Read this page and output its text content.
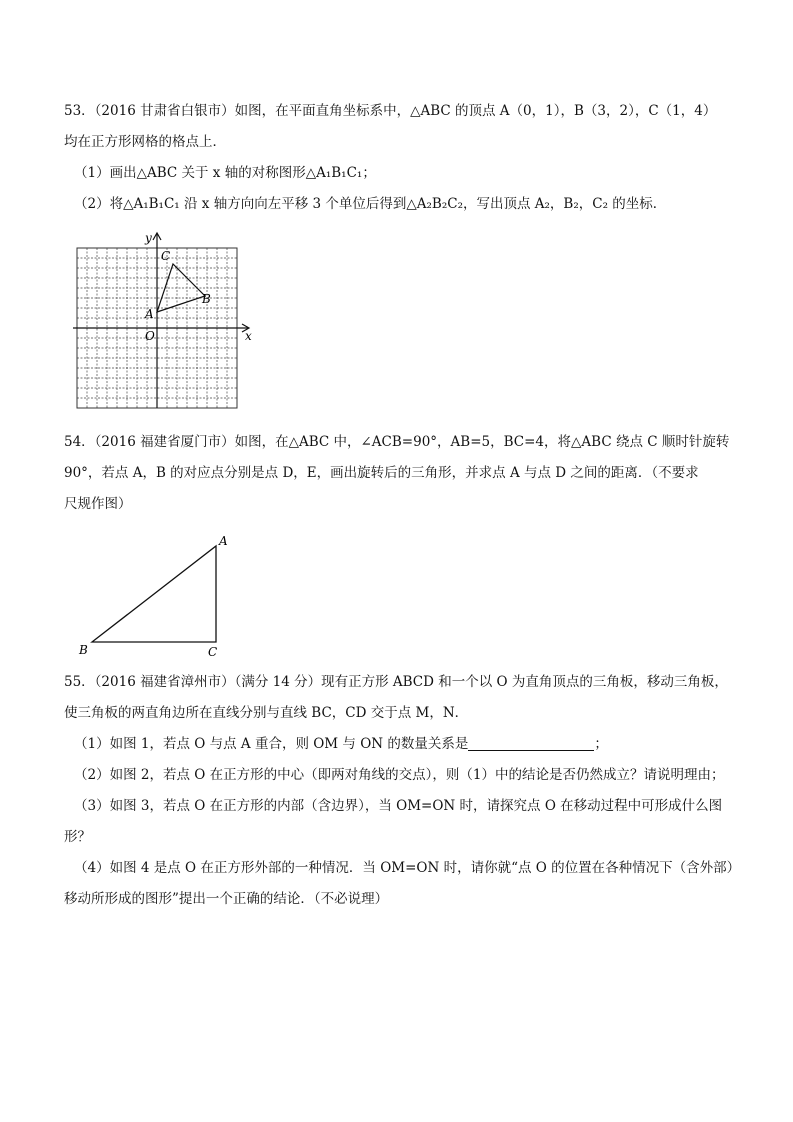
53．（2016 甘肃省白银市）如图，在平面直角坐标系中，△ABC 的顶点 A（0，1），B（3，2），C（1，4）
均在正方形网格的格点上．
（1）画出△ABC 关于 x 轴的对称图形△A₁B₁C₁；
（2）将△A₁B₁C₁ 沿 x 轴方向向左平移 3 个单位后得到△A₂B₂C₂，写出顶点 A₂，B₂，C₂ 的坐标．
y
x
O
A
B
C
54．（2016 福建省厦门市）如图，在△ABC 中，∠ACB=90°，AB=5，BC=4，将△ABC 绕点 C 顺时针旋转
90°，若点 A，B 的对应点分别是点 D，E，画出旋转后的三角形，并求点 A 与点 D 之间的距离．（不要求
尺规作图）
A
B	C
55．（2016 福建省漳州市）（满分 14 分）现有正方形 ABCD 和一个以 O 为直角顶点的三角板，移动三角板，
使三角板的两直角边所在直线分别与直线 BC，CD 交于点 M，N．
（1）如图 1，若点 O 与点 A 重合，则 OM 与 ON 的数量关系是	；
（2）如图 2，若点 O 在正方形的中心（即两对角线的交点），则（1）中的结论是否仍然成立？请说明理由；
（3）如图 3，若点 O 在正方形的内部（含边界），当 OM=ON 时，请探究点 O 在移动过程中可形成什么图
形？
（4）如图 4 是点 O 在正方形外部的一种情况．当 OM=ON 时，请你就“点 O 的位置在各种情况下（含外部）
移动所形成的图形”提出一个正确的结论．（不必说理）
